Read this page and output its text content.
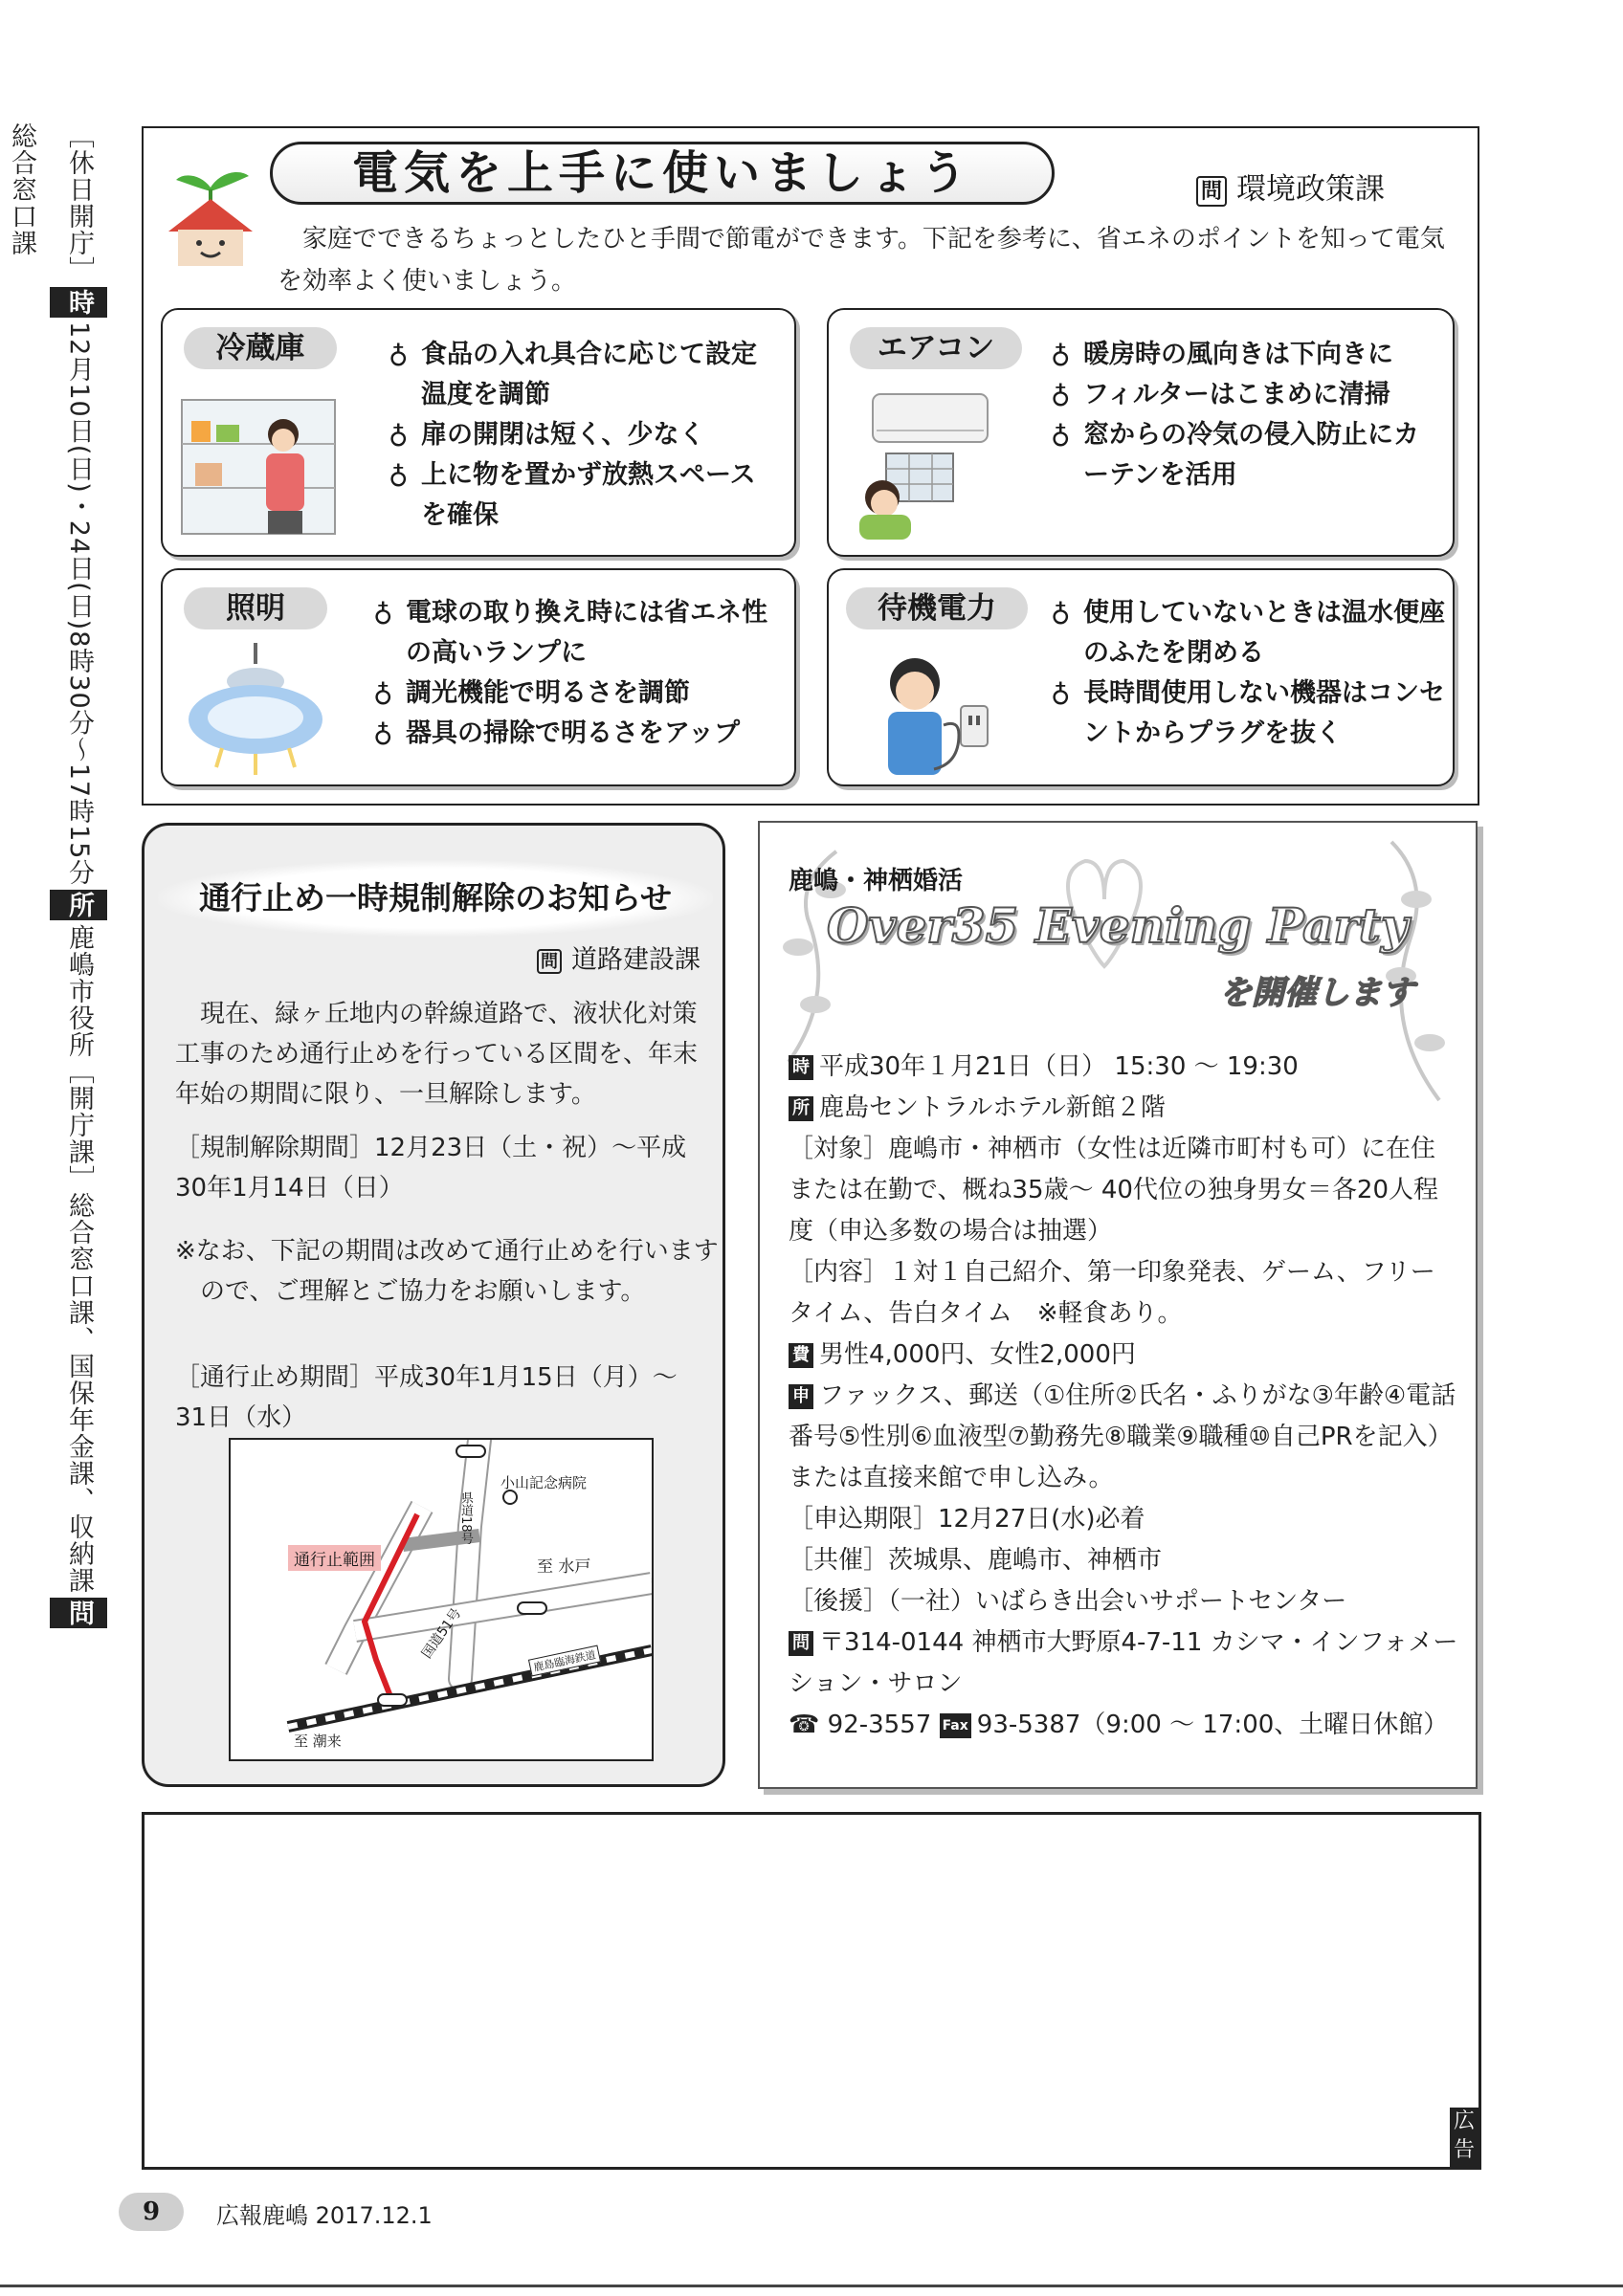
［休日開庁］時12月10日(日)・24日(日)8時30分〜17時15分所鹿嶋市役所［開庁課］総合窓口課、国保年金課、収納課問総合窓口課	電気を上手に使いましょう	問 環境政策課
家庭でできるちょっとしたひと手間で節電ができます。下記を参考に、省エネのポイントを知って電気を効率よく使いましょう。
冷蔵庫	♀ 食品の入れ具合に応じて設定温度を調節
♀ 扉の開閉は短く、少なく
♀ 上に物を置かず放熱スペースを確保
エアコン	♀ 暖房時の風向きは下向きに
♀ フィルターはこまめに清掃
♀ 窓からの冷気の侵入防止にカーテンを活用
照明	♀ 電球の取り換え時には省エネ性の高いランプに
♀ 調光機能で明るさを調節
♀ 器具の掃除で明るさをアップ
待機電力	♀ 使用していないときは温水便座のふたを閉める
♀ 長時間使用しない機器はコンセントからプラグを抜く
通行止め一時規制解除のお知らせ
問 道路建設課
現在、緑ヶ丘地内の幹線道路で、液状化対策工事のため通行止めを行っている区間を、年末年始の期間に限り、一旦解除します。
［規制解除期間］12月23日（土・祝）〜平成30年1月14日（日）
※なお、下記の期間は改めて通行止めを行いますので、ご理解とご協力をお願いします。
［通行止め期間］平成30年1月15日（月）〜31日（水）
小山記念病院
至 水戸
至 潮来
通行止範囲
国道51号
県道18号
鹿島臨海鉄道
鹿嶋・神栖婚活
Over35 Evening Party
を開催します
時 平成30年１月21日（日） 15:30 〜 19:30
所 鹿島セントラルホテル新館２階
［対象］鹿嶋市・神栖市（女性は近隣市町村も可）に在住または在勤で、概ね35歳〜 40代位の独身男女＝各20人程度（申込多数の場合は抽選）
［内容］１対１自己紹介、第一印象発表、ゲーム、フリータイム、告白タイム　※軽食あり。
費 男性4,000円、女性2,000円
申 ファックス、郵送（①住所②氏名・ふりがな③年齢④電話番号⑤性別⑥血液型⑦勤務先⑧職業⑨職種⑩自己PRを記入）または直接来館で申し込み。
［申込期限］12月27日(水)必着
［共催］茨城県、鹿嶋市、神栖市
［後援］（一社）いばらき出会いサポートセンター
問 〒314-0144 神栖市大野原4-7-11 カシマ・インフォメーション・サロン
☎ 92-3557 Fax 93-5387（9:00 〜 17:00、土曜日休館）
広告
9	広報鹿嶋 2017.12.1
